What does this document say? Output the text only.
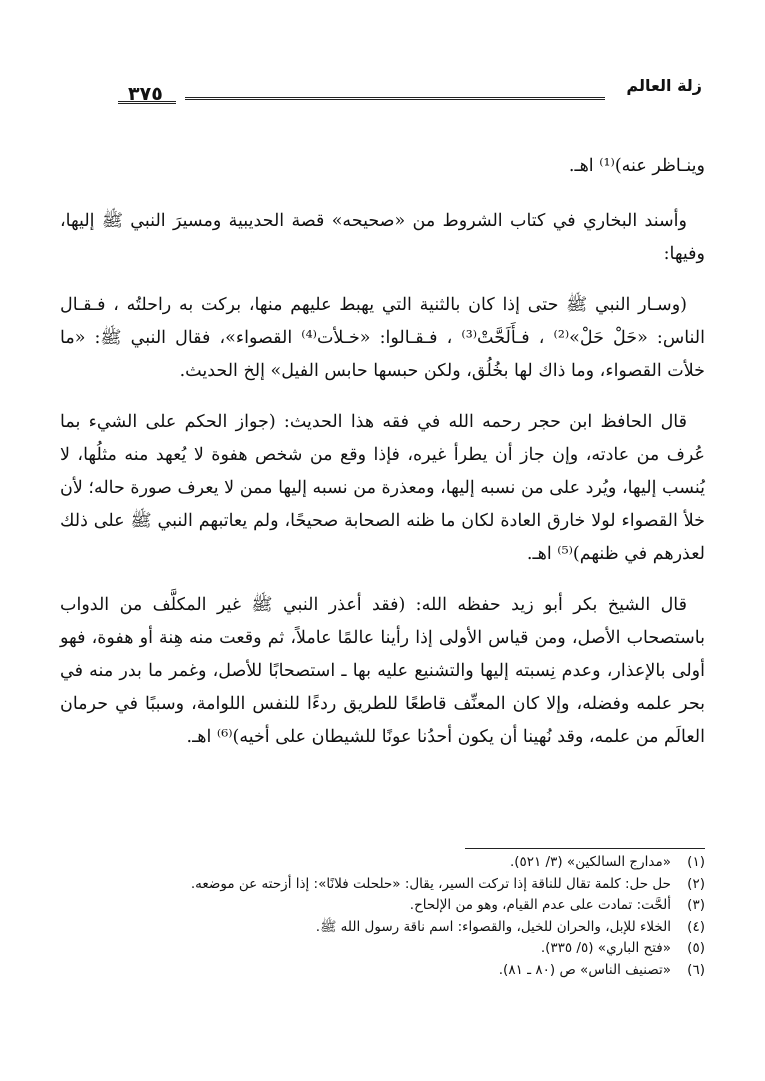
زلة العالم
٣٧٥

وينـاظر عنه)⁽¹⁾ اهـ.

وأسند البخاري في كتاب الشروط من «صحيحه» قصة الحديبية ومسيرَ النبي ﷺ إليها، وفيها:

(وسـار النبي ﷺ حتى إذا كان بالثنية التي يهبط عليهم منها، بركت به راحلتُه ، فـقـال الناس: «حَلْ حَلْ»⁽²⁾ ، فـأَلَحَّتْ⁽³⁾ ، فـقـالوا: «خـلأت⁽⁴⁾ القصواء»، فقال النبي ﷺ: «ما خلأت القصواء، وما ذاك لها بخُلُق، ولكن حبسها حابس الفيل» إلخ الحديث.

قال الحافظ ابن حجر رحمه الله في فقه هذا الحديث: (جواز الحكم على الشيء بما عُرف من عادته، وإن جاز أن يطرأ غيره، فإذا وقع من شخص هفوة لا يُعهد منه مثلُها، لا يُنسب إليها، ويُرد على من نسبه إليها، ومعذرة من نسبه إليها ممن لا يعرف صورة حاله؛ لأن خلأ القصواء لولا خارق العادة لكان ما ظنه الصحابة صحيحًا، ولم يعاتبهم النبي ﷺ على ذلك لعذرهم في ظنهم)⁽⁵⁾ اهـ.

قال الشيخ بكر أبو زيد حفظه الله: (فقد أعذر النبي ﷺ غير المكلَّف من الدواب باستصحاب الأصل، ومن قياس الأولى إذا رأينا عالمًا عاملاً، ثم وقعت منه هِنة أو هفوة، فهو أولى بالإعذار، وعدم نِسبته إليها والتشنيع عليه بها ـ استصحابًا للأصل، وغمر ما بدر منه في بحر علمه وفضله، وإلا كان المعنِّف قاطعًا للطريق ردءًا للنفس اللوامة، وسببًا في حرمان العالَم من علمه، وقد نُهينا أن يكون أحدُنا عونًا للشيطان على أخيه)⁽⁶⁾ اهـ.

(١)
«مدارج السالكين» (٣/ ٥٢١).
(٢)
حل حل: كلمة تقال للناقة إذا تركت السير، يقال: «حلحلت فلانًا»: إذا أزحته عن موضعه.
(٣)
ألحَّت: تمادت على عدم القيام، وهو من الإلحاح.
(٤)
الخلاء للإبل، والحران للخيل، والقصواء: اسم ناقة رسول الله ﷺ.
(٥)
«فتح الباري» (٥/ ٣٣٥).
(٦)
«تصنيف الناس» ص (٨٠ ـ ٨١).
